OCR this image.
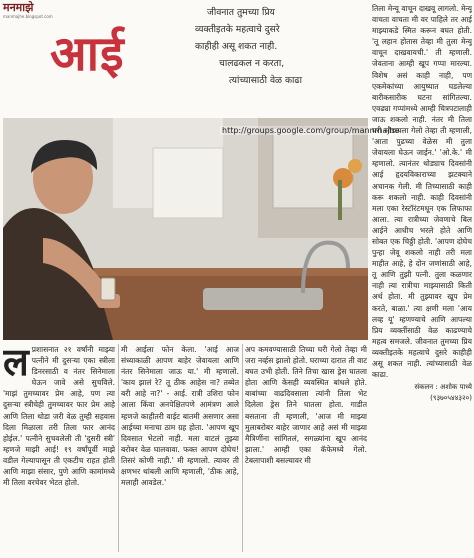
मनमाझे
manmajhe.blogspot.com
आई
जीवनात तुमच्या प्रिय
व्यक्तीइतके महत्वाचे दुसरे
काहीही असू शकत नाही.
चालढकल न करता,
त्यांच्यासाठी वेळ काढा
http://groups.google.com/group/mannmajhe

तिला मेन्यू वाचून दाखवू लागलो. मेन्यू वाचता वाचता मी वर पाहिले तर आई माझ्याकडे स्मित करून बघत होती. 'तू लहान होतास तेव्हा मी तुला मेन्यू वाचून दाखवायची.' ती म्हणाली. जेवताना आम्ही खूप गप्पा मारल्या. विशेष असं काही नाही, पण एकमेकांच्या आयुष्यात घडलेल्या बारीकसारीक घटना सांगितल्या. एवढ्या गप्पांमध्ये आम्ही चित्रपटालाही जाऊ शकलो नाही. नंतर मी तिला घरी सोडायला गेलो तेव्हा ती म्हणाली, 'आता पुढच्या वेळेस मी तुला जेवायला घेऊन जाईन.' 'ओ.के.' मी म्हणालो. त्यानंतर थोड्याच दिवसांनी आई हृदयविकाराच्या झटक्याने अचानक गेली. मी तिच्यासाठी काही करू शकलो नाही. काही दिवसांनी मला एका रेस्टॉरंटमधून एक लिफाफा आला. त्या रात्रीच्या जेवणाचे बिल आईने आधीच भरले होते आणि सोबत एक चिठ्ठी होती. 'आपण दोघेच पुन्हा जेवू शकलो नाही तरी मला माहीत आहे, हे दोन जणांसाठी आहे, तू आणि तुझी पत्नी. तुला कळणार नाही त्या रात्रीचा माझ्यासाठी किती अर्थ होता. मी तुझ्यावर खूप प्रेम करते, बाळा.' त्या क्षणी मला 'आय लव्ह यू' म्हणण्याचे आणि आपल्या प्रिय व्यक्तींसाठी वेळ काढण्याचे महत्व समजले. जीवनात तुमच्या प्रिय व्यक्तीइतके महत्वाचे दुसरे काहीही असू शकत नाही. त्यांच्यासाठी वेळ काढा.

संकलन : अशोक पाध्ये
(९३७०५४४३२०)
ल प्रशासनात २१ वर्षांनी माझ्या पत्नीने मी दुसऱ्या एका स्त्रीला डिनरसाठी व नंतर सिनेमाला घेऊन जावे असे सुचविले. 'माझं तुमच्यावर प्रेम आहे, पण त्या दुसऱ्या स्त्रीचेही तुमच्यावर फार प्रेम आहे आणि तिला थोडा जरी वेळ तुम्ही सहवास दिला मिळाला तरी तिला फार आनंद होईल.' पत्नीने सुचवलेली ती 'दुसरी स्त्री' म्हणजे माझी आई! १९ वर्षांपूर्वी माझे वडील गेल्यापासून ती एकटीच राहत होती आणि माझा संसार, पुणे आणि कामांमध्ये मी तिला वरचेवर भेटत होतो.
मी आईला फोन केला. 'आई आज संध्याकाळी आपण बाहेर जेवायला आणि नंतर सिनेमाला जाऊ या.' मी म्हणालो. 'काय झालं रे? तू ठीक आहेस ना? तब्येत बरी आहे ना?' - आई. रात्री उशिरा फोन आला किंवा अनपेक्षितपणे आमंत्रण आले म्हणजे काहीतरी वाईट बातमी असणार असा आईच्या मनाचा ठाम ग्रह होता. 'आपण खूप दिवसात भेटलो नाही. मला वाटलं तुझ्या बरोबर वेळ घालवावा. फक्त आपण दोघेच! तिसरं कोणी नाही.' मी म्हणालो. त्यावर ती क्षणभर थांबली आणि म्हणाली, 'ठीक आहे, मलाही आवडेल.'
अप कमवण्यासाठी तिच्या घरी गेलो तेव्हा मी जरा नर्व्हस झालो होतो. घराच्या दारात ती वाट बघत उभी होती. तिने तिचा खास ड्रेस घातला होता आणि केसही व्यवस्थित बांधले होते. बाबांच्या वाढदिवसाला त्यांनी तिला भेट दिलेला ड्रेस तिने घातला होता. गाडीत बसताना ती म्हणाली, 'आज मी माझ्या मुलाबरोबर बाहेर जाणार आहे असं मी माझ्या मैत्रिणींना सांगितलं, सगळ्यांना खूप आनंद झाला.' आम्ही एका कॅफेमध्ये गेलो. टेबलापाशी बसल्यावर मी
